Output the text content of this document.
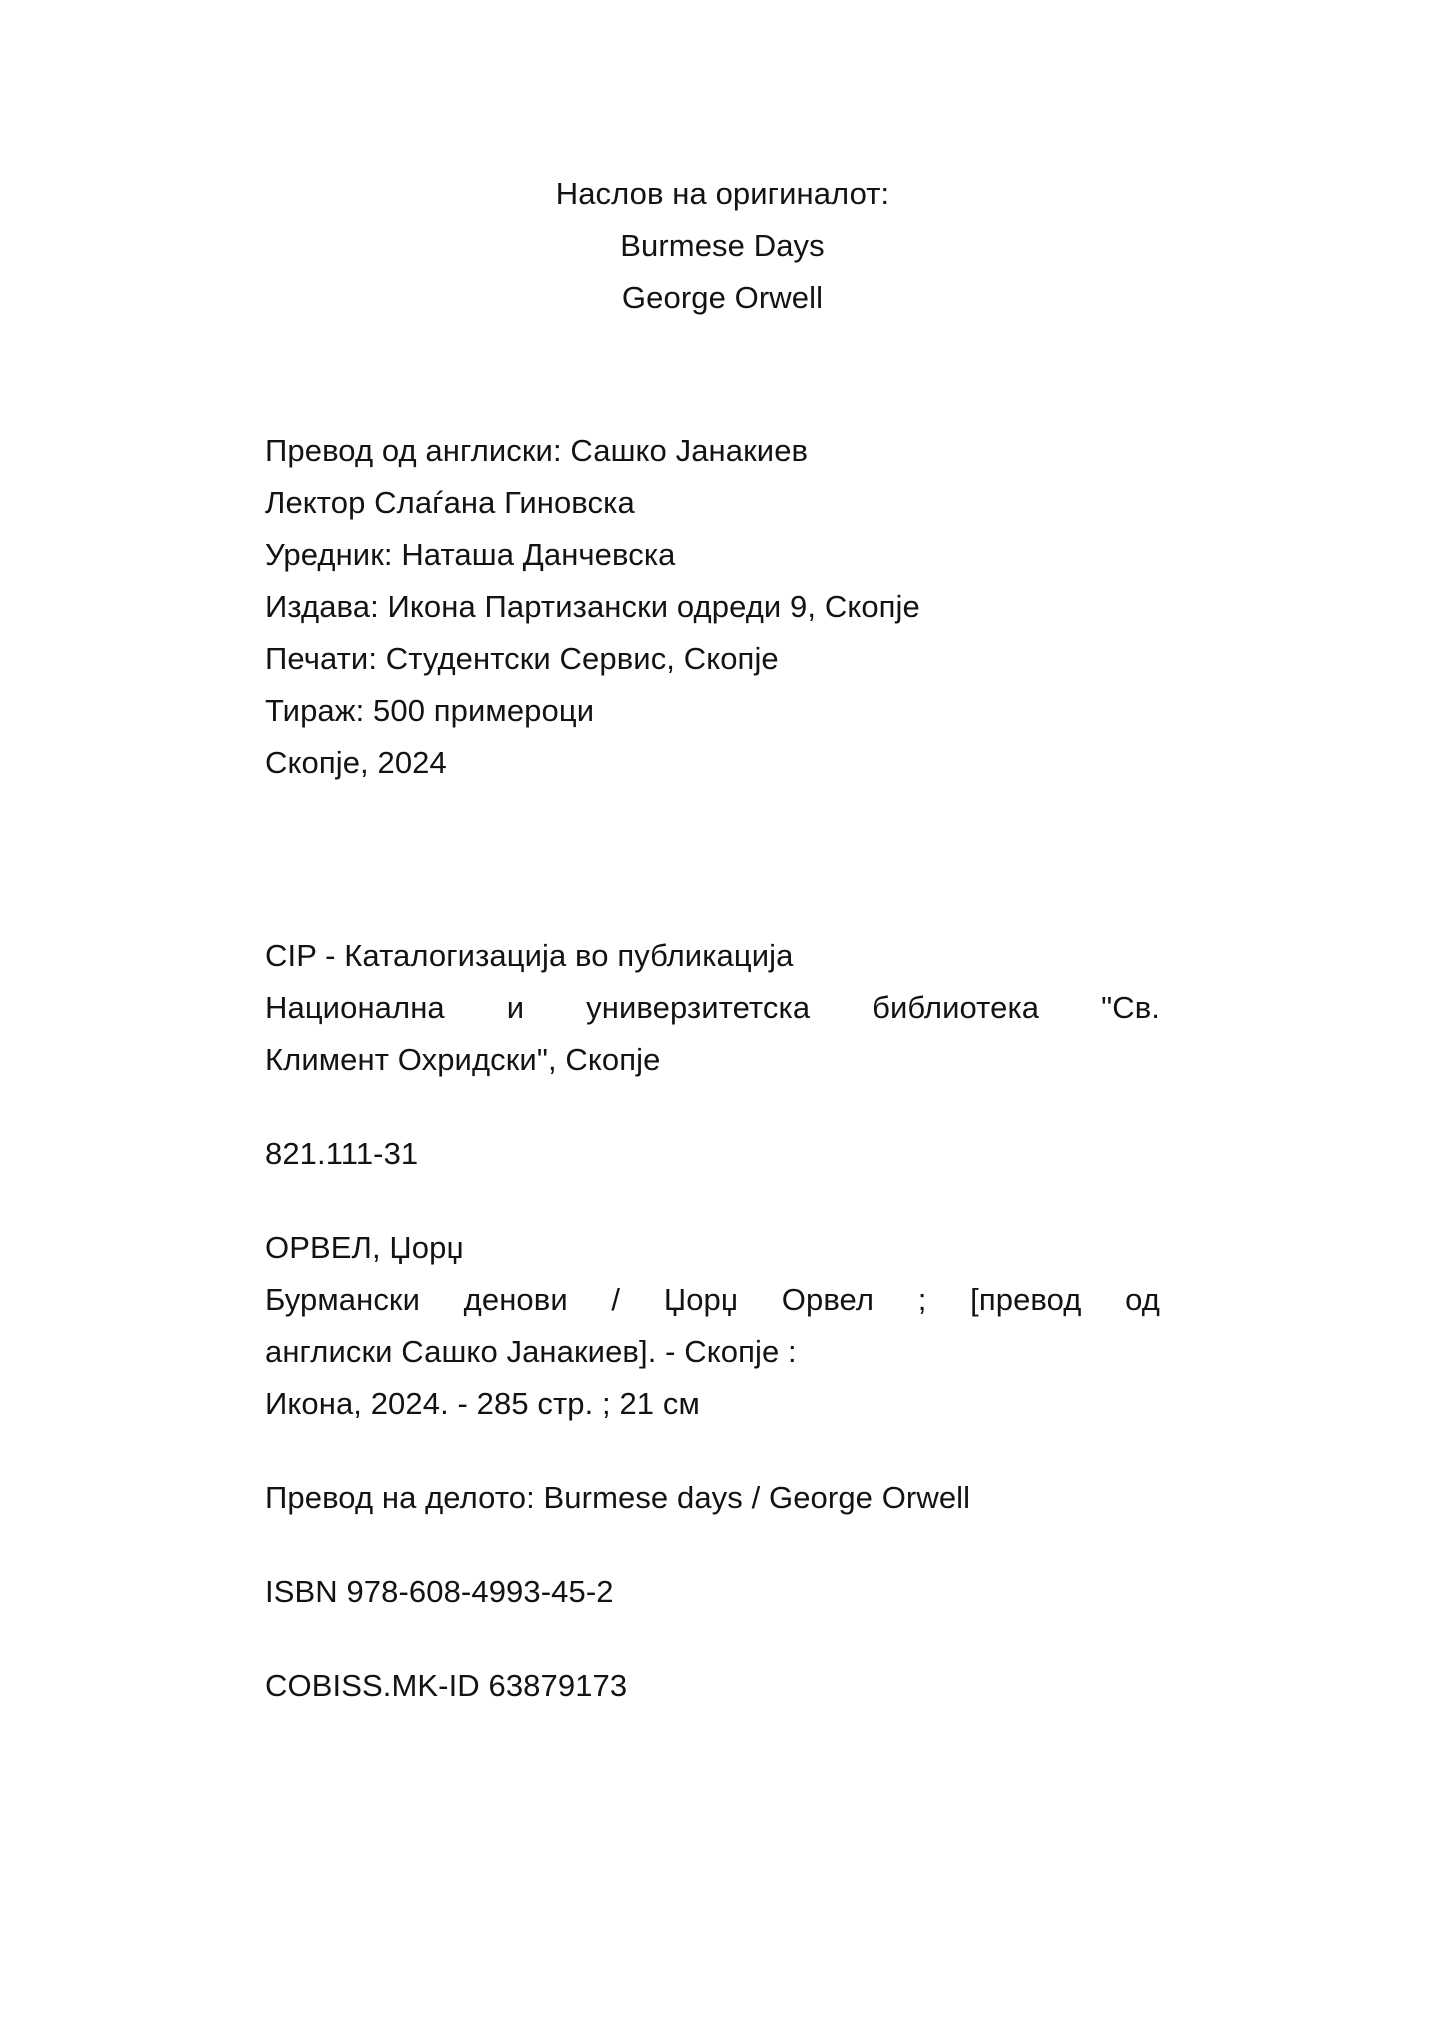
Наслов на оригиналот:
Burmese Days
George Orwell
Превод од англиски: Сашко Јанакиев
Лектор Слаѓана Гиновска
Уредник: Наташа Данчевска
Издава: Икона Партизански одреди 9, Скопје
Печати: Студентски Сервис, Скопје
Тираж: 500 примероци
Скопје, 2024
CIP - Каталогизација во публикација
Национална и универзитетска библиотека "Св.
Климент Охридски", Скопје
821.111-31
ОРВЕЛ, Џорџ
Бурмански денови / Џорџ Орвел ; [превод од
англиски Сашко Јанакиев]. - Скопје :
Икона, 2024. - 285 стр. ; 21 см
Превод на делото: Burmese days / George Orwell
ISBN 978-608-4993-45-2
COBISS.MK-ID 63879173
